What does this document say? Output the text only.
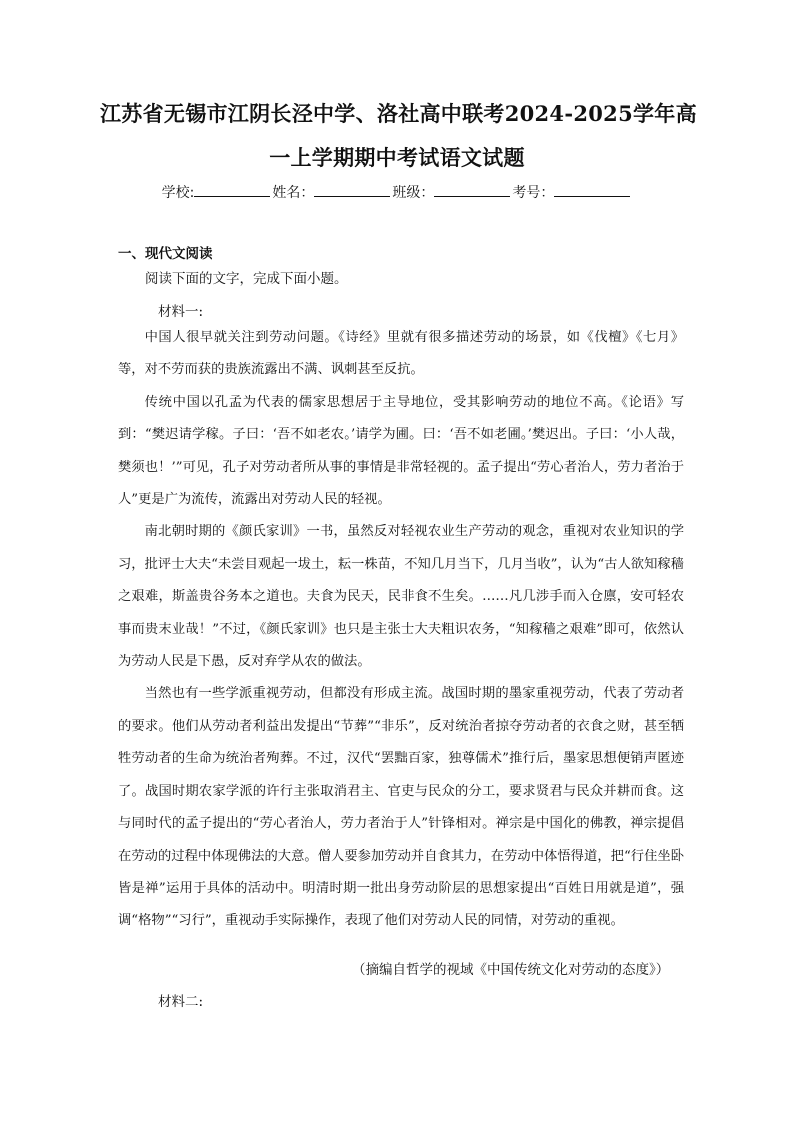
江苏省无锡市江阴长泾中学、洛社高中联考2024-2025学年高
一上学期期中考试语文试题
学校:	姓名：	班级：	考号：
一、现代文阅读
阅读下面的文字，完成下面小题。
材料一:

中国人很早就关注到劳动问题。《诗经》里就有很多描述劳动的场景，如《伐檀》《七月》等，对不劳而获的贵族流露出不满、讽刺甚至反抗。

传统中国以孔孟为代表的儒家思想居于主导地位，受其影响劳动的地位不高。《论语》写到：“樊迟请学稼。子曰：‘吾不如老农。’请学为圃。曰：‘吾不如老圃。’樊迟出。子曰：‘小人哉，樊须也！’”可见，孔子对劳动者所从事的事情是非常轻视的。孟子提出“劳心者治人，劳力者治于人”更是广为流传，流露出对劳动人民的轻视。

南北朝时期的《颜氏家训》一书，虽然反对轻视农业生产劳动的观念，重视对农业知识的学习，批评士大夫“未尝目观起一坺土，耘一株苗，不知几月当下，几月当收”，认为“古人欲知稼穑之艰难，斯盖贵谷务本之道也。夫食为民天，民非食不生矣。……凡几涉手而入仓廪，安可轻农事而贵末业哉！”不过，《颜氏家训》也只是主张士大夫粗识农务，“知稼穑之艰难”即可，依然认为劳动人民是下愚，反对弃学从农的做法。

当然也有一些学派重视劳动，但都没有形成主流。战国时期的墨家重视劳动，代表了劳动者的要求。他们从劳动者利益出发提出“节葬”“非乐”，反对统治者掠夺劳动者的衣食之财，甚至牺牲劳动者的生命为统治者殉葬。不过，汉代“罢黜百家，独尊儒术”推行后，墨家思想便销声匿迹了。战国时期农家学派的许行主张取消君主、官吏与民众的分工，要求贤君与民众并耕而食。这与同时代的孟子提出的“劳心者治人，劳力者治于人”针锋相对。禅宗是中国化的佛教，禅宗提倡在劳动的过程中体现佛法的大意。僧人要参加劳动并自食其力，在劳动中体悟得道，把“行住坐卧皆是禅”运用于具体的活动中。明清时期一批出身劳动阶层的思想家提出“百姓日用就是道”，强调“格物”“习行”，重视动手实际操作，表现了他们对劳动人民的同情，对劳动的重视。

（摘编自哲学的视域《中国传统文化对劳动的态度》）
材料二:
